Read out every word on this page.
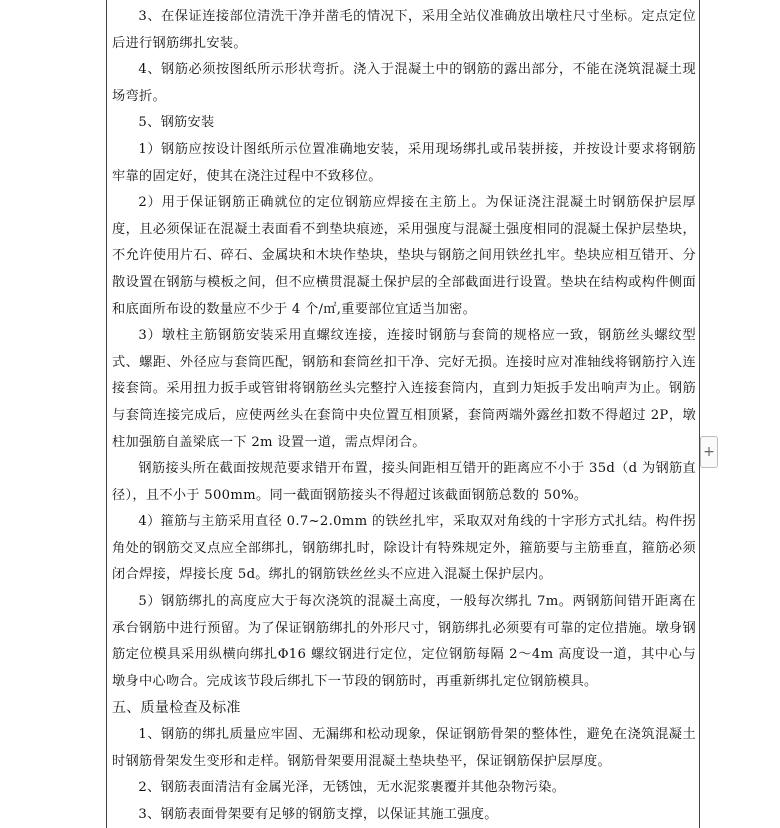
3、在保证连接部位清洗干净并凿毛的情况下，采用全站仪准确放出墩柱尺寸坐标。定点定位后进行钢筋绑扎安装。

4、钢筋必须按图纸所示形状弯折。浇入于混凝土中的钢筋的露出部分，不能在浇筑混凝土现场弯折。

5、钢筋安装

1）钢筋应按设计图纸所示位置准确地安装，采用现场绑扎或吊装拼接，并按设计要求将钢筋牢靠的固定好，使其在浇注过程中不致移位。

2）用于保证钢筋正确就位的定位钢筋应焊接在主筋上。为保证浇注混凝土时钢筋保护层厚度，且必须保证在混凝土表面看不到垫块痕迹，采用强度与混凝土强度相同的混凝土保护层垫块，不允许使用片石、碎石、金属块和木块作垫块，垫块与钢筋之间用铁丝扎牢。垫块应相互错开、分散设置在钢筋与模板之间，但不应横贯混凝土保护层的全部截面进行设置。垫块在结构或构件侧面和底面所布设的数量应不少于 4 个/㎡,重要部位宜适当加密。

3）墩柱主筋钢筋安装采用直螺纹连接，连接时钢筋与套筒的规格应一致，钢筋丝头螺纹型式、螺距、外径应与套筒匹配，钢筋和套筒丝扣干净、完好无损。连接时应对准轴线将钢筋拧入连接套筒。采用扭力扳手或管钳将钢筋丝头完整拧入连接套筒内，直到力矩扳手发出响声为止。钢筋与套筒连接完成后，应使两丝头在套筒中央位置互相顶紧，套筒两端外露丝扣数不得超过 2P，墩柱加强筋自盖梁底一下 2m 设置一道，需点焊闭合。

钢筋接头所在截面按规范要求错开布置，接头间距相互错开的距离应不小于 35d（d 为钢筋直径），且不小于 500mm。同一截面钢筋接头不得超过该截面钢筋总数的 50%。

4）箍筋与主筋采用直径 0.7~2.0mm 的铁丝扎牢，采取双对角线的十字形方式扎结。构件拐角处的钢筋交叉点应全部绑扎，钢筋绑扎时，除设计有特殊规定外，箍筋要与主筋垂直，箍筋必须闭合焊接，焊接长度 5d。绑扎的钢筋铁丝丝头不应进入混凝土保护层内。

5）钢筋绑扎的高度应大于每次浇筑的混凝土高度，一般每次绑扎 7m。两钢筋间错开距离在承台钢筋中进行预留。为了保证钢筋绑扎的外形尺寸，钢筋绑扎必须要有可靠的定位措施。墩身钢筋定位模具采用纵横向绑扎Φ16 螺纹钢进行定位，定位钢筋每隔 2～4m 高度设一道，其中心与墩身中心吻合。完成该节段后绑扎下一节段的钢筋时，再重新绑扎定位钢筋模具。

五、质量检查及标准

1、钢筋的绑扎质量应牢固、无漏绑和松动现象，保证钢筋骨架的整体性，避免在浇筑混凝土时钢筋骨架发生变形和走样。钢筋骨架要用混凝土垫块垫平，保证钢筋保护层厚度。

2、钢筋表面清洁有金属光泽，无锈蚀，无水泥浆裹覆并其他杂物污染。

3、钢筋表面骨架要有足够的钢筋支撑，以保证其施工强度。

+
